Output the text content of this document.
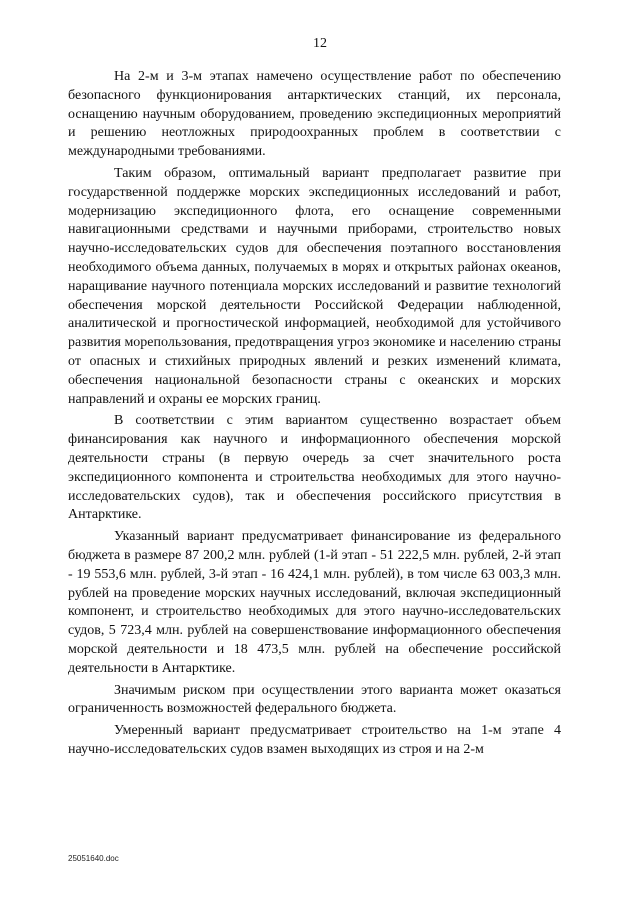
12

На 2-м и 3-м этапах намечено осуществление работ по обеспечению безопасного функционирования антарктических станций, их персонала, оснащению научным оборудованием, проведению экспедиционных мероприятий и решению неотложных природоохранных проблем в соответствии с международными требованиями.

Таким образом, оптимальный вариант предполагает развитие при государственной поддержке морских экспедиционных исследований и работ, модернизацию экспедиционного флота, его оснащение современными навигационными средствами и научными приборами, строительство новых научно-исследовательских судов для обеспечения поэтапного восстановления необходимого объема данных, получаемых в морях и открытых районах океанов, наращивание научного потенциала морских исследований и развитие технологий обеспечения морской деятельности Российской Федерации наблюденной, аналитической и прогностической информацией, необходимой для устойчивого развития морепользования, предотвращения угроз экономике и населению страны от опасных и стихийных природных явлений и резких изменений климата, обеспечения национальной безопасности страны с океанских и морских направлений и охраны ее морских границ.

В соответствии с этим вариантом существенно возрастает объем финансирования как научного и информационного обеспечения морской деятельности страны (в первую очередь за счет значительного роста экспедиционного компонента и строительства необходимых для этого научно-исследовательских судов), так и обеспечения российского присутствия в Антарктике.

Указанный вариант предусматривает финансирование из федерального бюджета в размере 87 200,2 млн. рублей (1-й этап - 51 222,5 млн. рублей, 2-й этап - 19 553,6 млн. рублей, 3-й этап - 16 424,1 млн. рублей), в том числе 63 003,3 млн. рублей на проведение морских научных исследований, включая экспедиционный компонент, и строительство необходимых для этого научно-исследовательских судов, 5 723,4 млн. рублей на совершенствование информационного обеспечения морской деятельности и 18 473,5 млн. рублей на обеспечение российской деятельности в Антарктике.

Значимым риском при осуществлении этого варианта может оказаться ограниченность возможностей федерального бюджета.

Умеренный вариант предусматривает строительство на 1-м этапе 4 научно-исследовательских судов взамен выходящих из строя и на 2-м

25051640.doc
